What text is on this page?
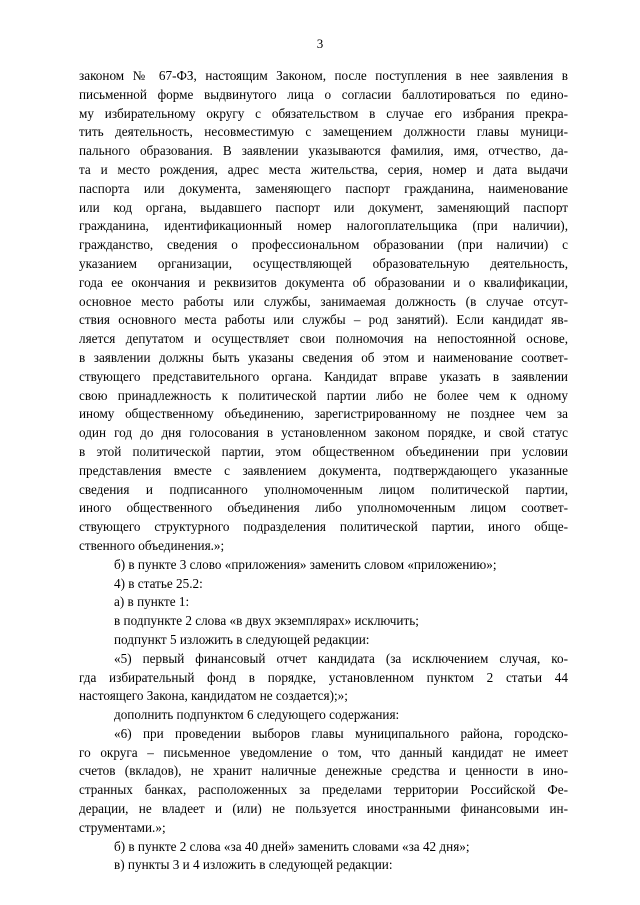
3
законом № 67-ФЗ, настоящим Законом, после поступления в нее заявления в
письменной форме выдвинутого лица о согласии баллотироваться по едино-
му избирательному округу с обязательством в случае его избрания прекра-
тить деятельность, несовместимую с замещением должности главы муници-
пального образования. В заявлении указываются фамилия, имя, отчество, да-
та и место рождения, адрес места жительства, серия, номер и дата выдачи
паспорта или документа, заменяющего паспорт гражданина, наименование
или код органа, выдавшего паспорт или документ, заменяющий паспорт
гражданина, идентификационный номер налогоплательщика (при наличии),
гражданство, сведения о профессиональном образовании (при наличии) с
указанием организации, осуществляющей образовательную деятельность,
года ее окончания и реквизитов документа об образовании и о квалификации,
основное место работы или службы, занимаемая должность (в случае отсут-
ствия основного места работы или службы – род занятий). Если кандидат яв-
ляется депутатом и осуществляет свои полномочия на непостоянной основе,
в заявлении должны быть указаны сведения об этом и наименование соответ-
ствующего представительного органа. Кандидат вправе указать в заявлении
свою принадлежность к политической партии либо не более чем к одному
иному общественному объединению, зарегистрированному не позднее чем за
один год до дня голосования в установленном законом порядке, и свой статус
в этой политической партии, этом общественном объединении при условии
представления вместе с заявлением документа, подтверждающего указанные
сведения и подписанного уполномоченным лицом политической партии,
иного общественного объединения либо уполномоченным лицом соответ-
ствующего структурного подразделения политической партии, иного обще-
ственного объединения.»;
б) в пункте 3 слово «приложения» заменить словом «приложению»;
4) в статье 25.2:
а) в пункте 1:
в подпункте 2 слова «в двух экземплярах» исключить;
подпункт 5 изложить в следующей редакции:
«5) первый финансовый отчет кандидата (за исключением случая, ко-
гда избирательный фонд в порядке, установленном пунктом 2 статьи 44
настоящего Закона, кандидатом не создается);»;
дополнить подпунктом 6 следующего содержания:
«6) при проведении выборов главы муниципального района, городско-
го округа – письменное уведомление о том, что данный кандидат не имеет
счетов (вкладов), не хранит наличные денежные средства и ценности в ино-
странных банках, расположенных за пределами территории Российской Фе-
дерации, не владеет и (или) не пользуется иностранными финансовыми ин-
струментами.»;
б) в пункте 2 слова «за 40 дней» заменить словами «за 42 дня»;
в) пункты 3 и 4 изложить в следующей редакции:
